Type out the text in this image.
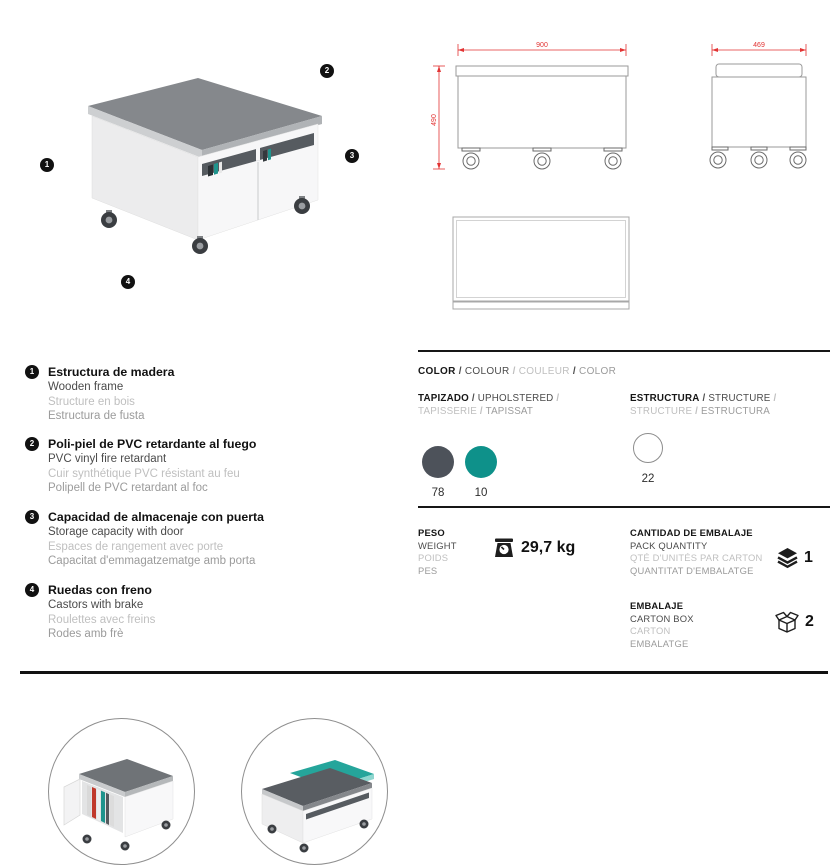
1
2
3
4
900
490
469
1	Estructura de madera
Wooden frame
Structure en bois
Estructura de fusta
2	Poli-piel de PVC retardante al fuego
PVC vinyl fire retardant
Cuir synthétique PVC résistant au feu
Polipell de PVC retardant al foc
3	Capacidad de almacenaje con puerta
Storage capacity with door
Espaces de rangement avec porte
Capacitat d'emmagatzematge amb porta
4	Ruedas con freno
Castors with brake
Roulettes avec freins
Rodes amb frè
COLOR / COLOUR / COULEUR / COLOR
TAPIZADO / UPHOLSTERED /
TAPISSERIE / TAPISSAT
ESTRUCTURA / STRUCTURE /
STRUCTURE / ESTRUCTURA
78	10
22
PESO
WEIGHT
POIDS
PES
29,7 kg
CANTIDAD DE EMBALAJE
PACK QUANTITY
QTÉ D'UNITÉS PAR CARTON
QUANTITAT D'EMBALATGE
1
EMBALAJE
CARTON BOX
CARTON
EMBALATGE
2
